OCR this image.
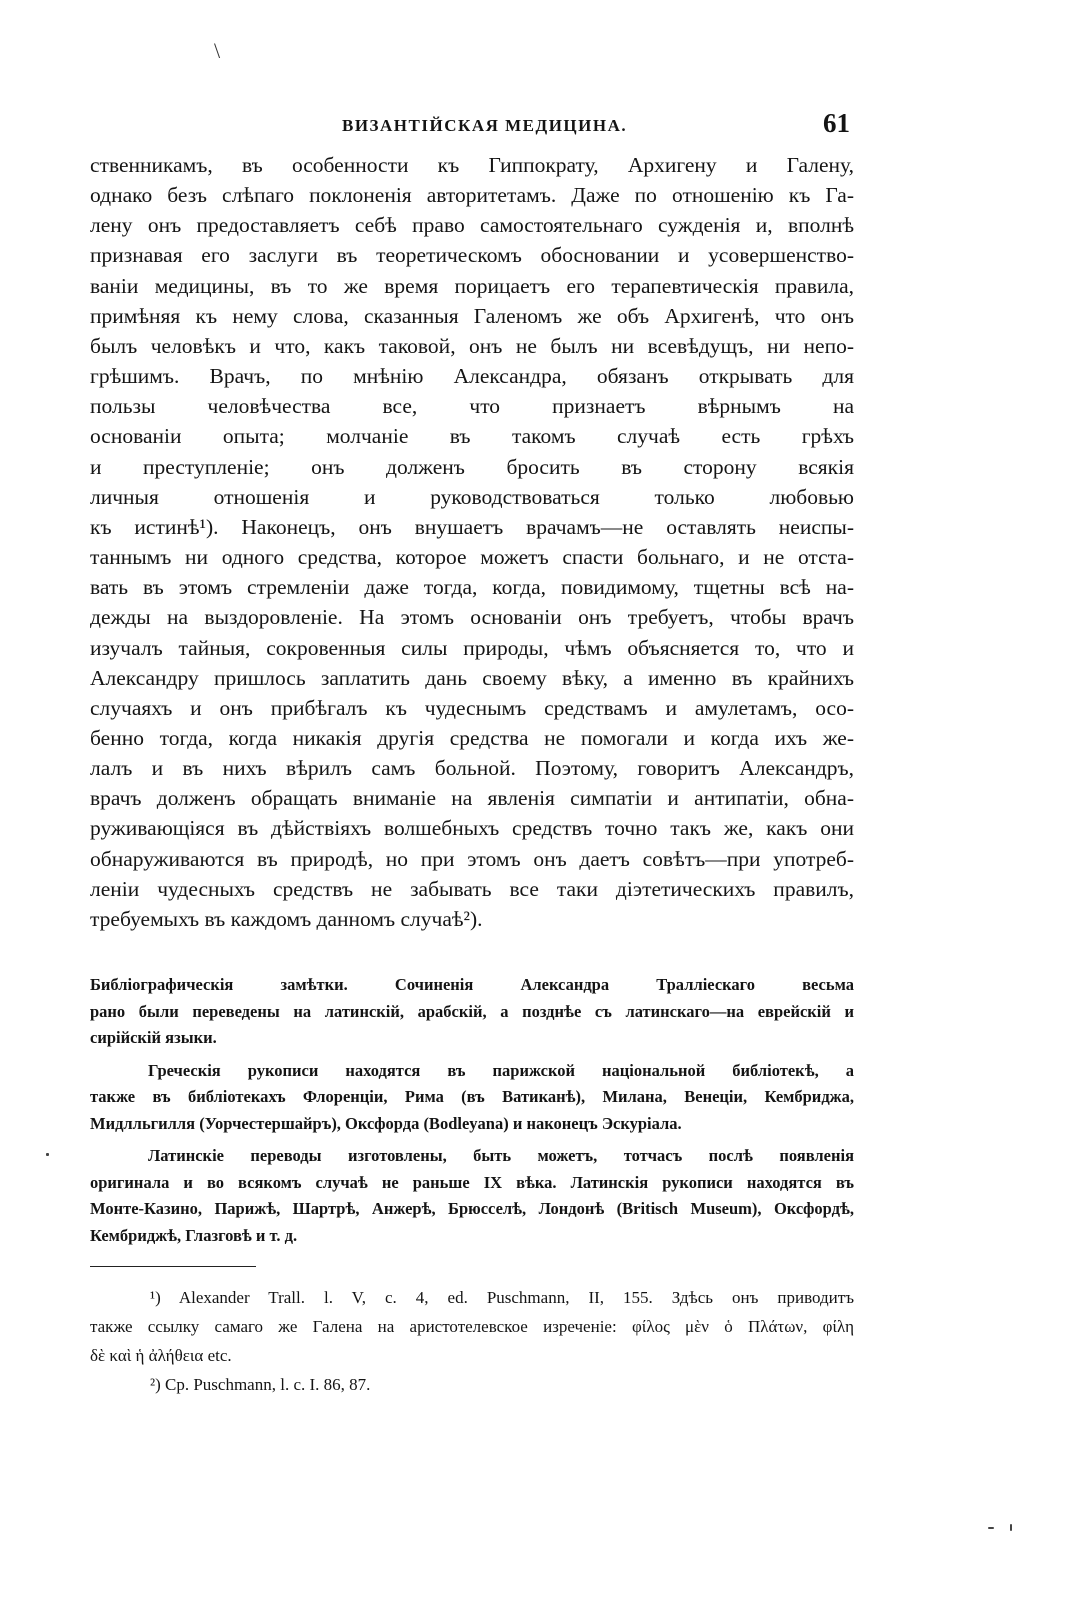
\
ВИЗАНТІЙСКАЯ МЕДИЦИНА.	61
ственникамъ, въ особенности къ Гиппократу, Архигену и Галену,
однако безъ слѣпаго поклоненія авторитетамъ. Даже по отношенію къ Га-
лену онъ предоставляетъ себѣ право самостоятельнаго сужденія и, вполнѣ
признавая его заслуги въ теоретическомъ обосновании и усовершенство-
ваніи медицины, въ то же время порицаетъ его терапевтическія правила,
примѣняя къ нему слова, сказанныя Галеномъ же объ Архигенѣ, что онъ
былъ человѣкъ и что, какъ таковой, онъ не былъ ни всевѣдущъ, ни непо-
грѣшимъ. Врачъ, по мнѣнію Александра, обязанъ открывать для
пользы человѣчества все, что признаетъ вѣрнымъ на
основаніи опыта; молчаніе въ такомъ случаѣ есть грѣхъ
и преступленіе; онъ долженъ бросить въ сторону всякія
личныя отношенія и руководствоваться только любовью
къ истинѣ¹). Наконецъ, онъ внушаетъ врачамъ—не оставлять неиспы-
таннымъ ни одного средства, которое можетъ спасти больнаго, и не отста-
вать въ этомъ стремленіи даже тогда, когда, повидимому, тщетны всѣ на-
дежды на выздоровленіе. На этомъ основаніи онъ требуетъ, чтобы врачъ
изучалъ тайныя, сокровенныя силы природы, чѣмъ объясняется то, что и
Александру пришлось заплатить дань своему вѣку, а именно въ крайнихъ
случаяхъ и онъ прибѣгалъ къ чудеснымъ средствамъ и амулетамъ, осо-
бенно тогда, когда никакія другія средства не помогали и когда ихъ же-
лалъ и въ нихъ вѣрилъ самъ больной. Поэтому, говоритъ Александръ,
врачъ долженъ обращать вниманіе на явленія симпатіи и антипатіи, обна-
руживающіяся въ дѣйствіяхъ волшебныхъ средствъ точно такъ же, какъ они
обнаруживаются въ природѣ, но при этомъ онъ даетъ совѣтъ—при употреб-
леніи чудесныхъ средствъ не забывать все таки діэтетическихъ правилъ,
требуемыхъ въ каждомъ данномъ случаѣ²).
Библіографическія замѣтки. Сочиненія Александра Тралліескаго весьма
рано были переведены на латинскій, арабскій, а позднѣе съ латинскаго—на еврейскій и
сирійскій языки.
Греческія рукописи находятся въ парижской національной библіотекѣ, а
также въ библіотекахъ Флоренціи, Рима (въ Ватиканѣ), Милана, Венеціи, Кембриджа,
Мидлльгилля (Уорчестершайръ), Оксфорда (Bodleyana) и наконецъ Эскуріала.
Латинскіе переводы изготовлены, быть можетъ, тотчасъ послѣ появленія
оригинала и во всякомъ случаѣ не раньше IX вѣка. Латинскія рукописи находятся въ
Монте-Казино, Парижѣ, Шартрѣ, Анжерѣ, Брюсселѣ, Лондонѣ (Britisch Museum), Оксфордѣ,
Кембриджѣ, Глазговѣ и т. д.
¹) Alexander Trall. l. V, c. 4, ed. Puschmann, II, 155. Здѣсь онъ приводитъ
также ссылку самаго же Галена на аристотелевское изреченіе: φίλος μὲν ὁ Πλάτων, φίλη
δὲ καὶ ἡ ἀλήθεια etc.
²) Cp. Puschmann, l. c. I. 86, 87.
